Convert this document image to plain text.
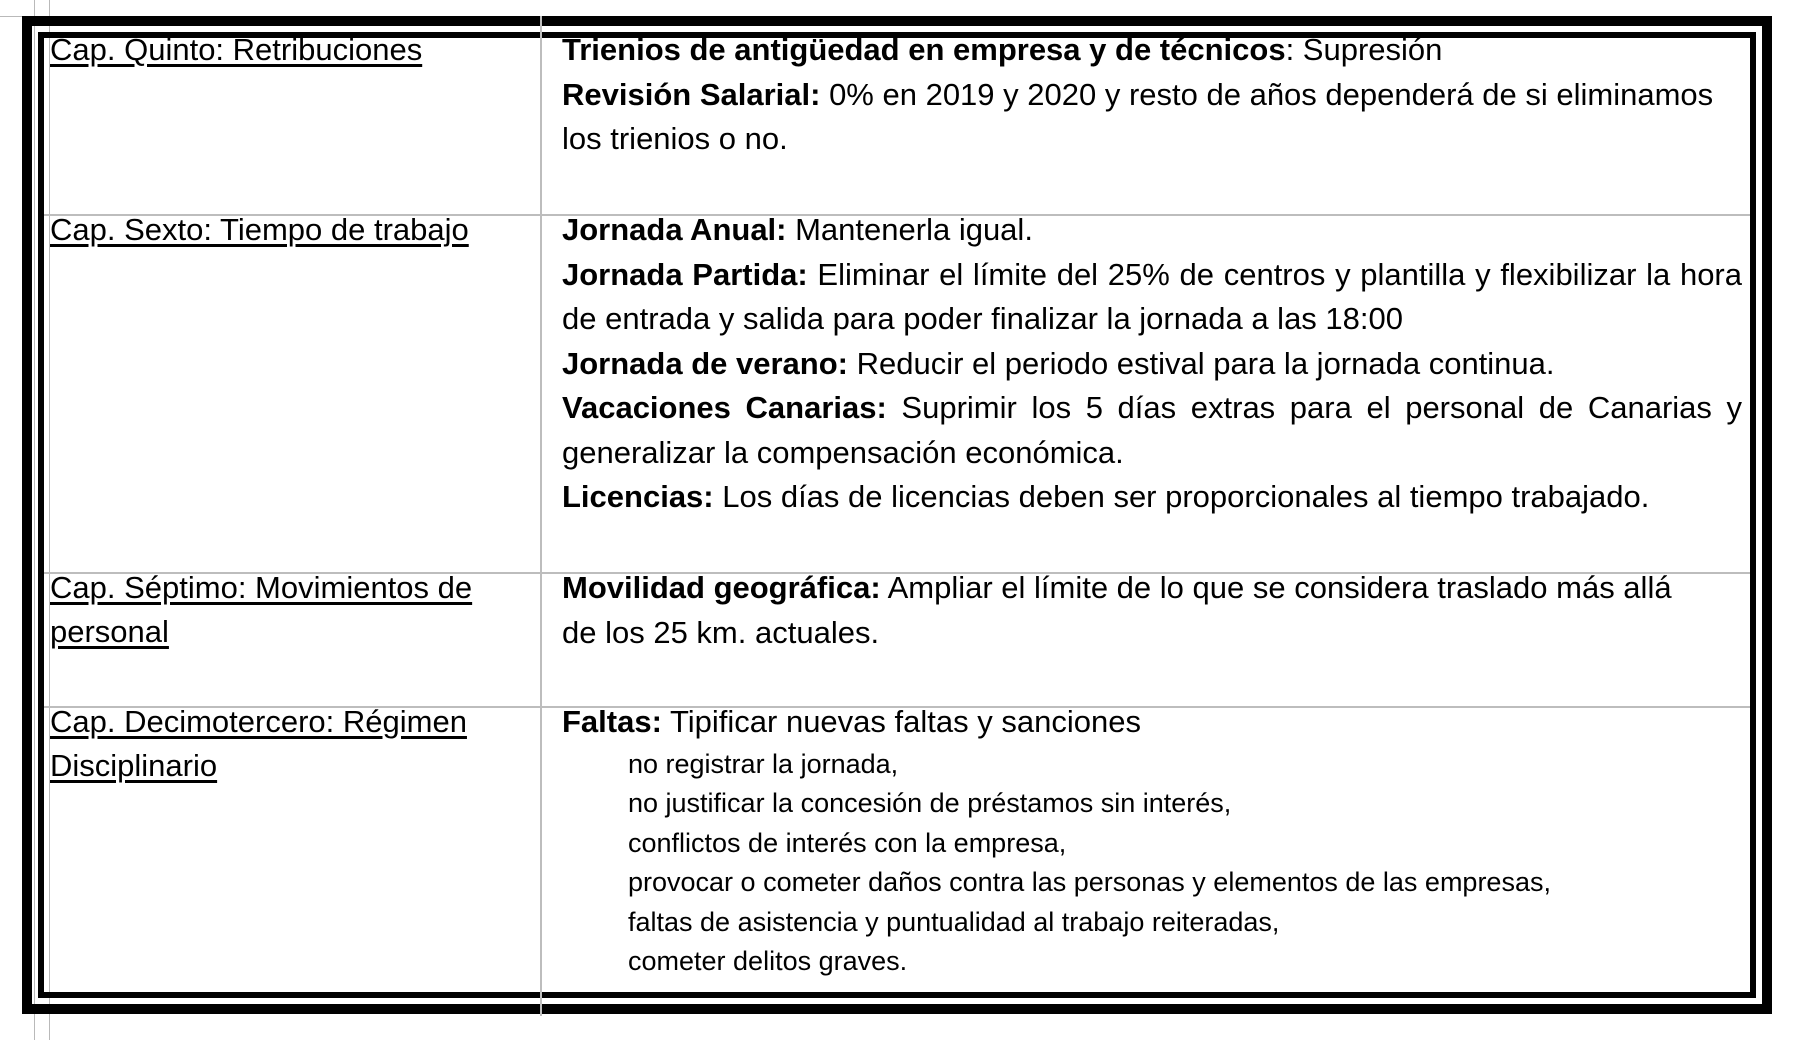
Cap. Quinto: Retribuciones	Trienios de antigüedad en empresa y de técnicos: Supresión

Revisión Salarial: 0% en 2019 y 2020 y resto de años dependerá de si eliminamos los trienios o no.

Cap. Sexto: Tiempo de trabajo	Jornada Anual: Mantenerla igual.

Jornada Partida: Eliminar el límite del 25% de centros y plantilla y flexibilizar la hora de entrada y salida para poder finalizar la jornada a las 18:00

Jornada de verano: Reducir el periodo estival para la jornada continua.

Vacaciones Canarias: Suprimir los 5 días extras para el personal de Canarias y generalizar la compensación económica.

Licencias: Los días de licencias deben ser proporcionales al tiempo trabajado.

Cap. Séptimo: Movimientos de personal

Movilidad geográfica: Ampliar el límite de lo que se considera traslado más allá de los 25 km. actuales.

Cap. Decimotercero: Régimen Disciplinario

Faltas: Tipificar nuevas faltas y sanciones

no registrar la jornada,
no justificar la concesión de préstamos sin interés,
conflictos de interés con la empresa,
provocar o cometer daños contra las personas y elementos de las empresas,
faltas de asistencia y puntualidad al trabajo reiteradas,
cometer delitos graves.
